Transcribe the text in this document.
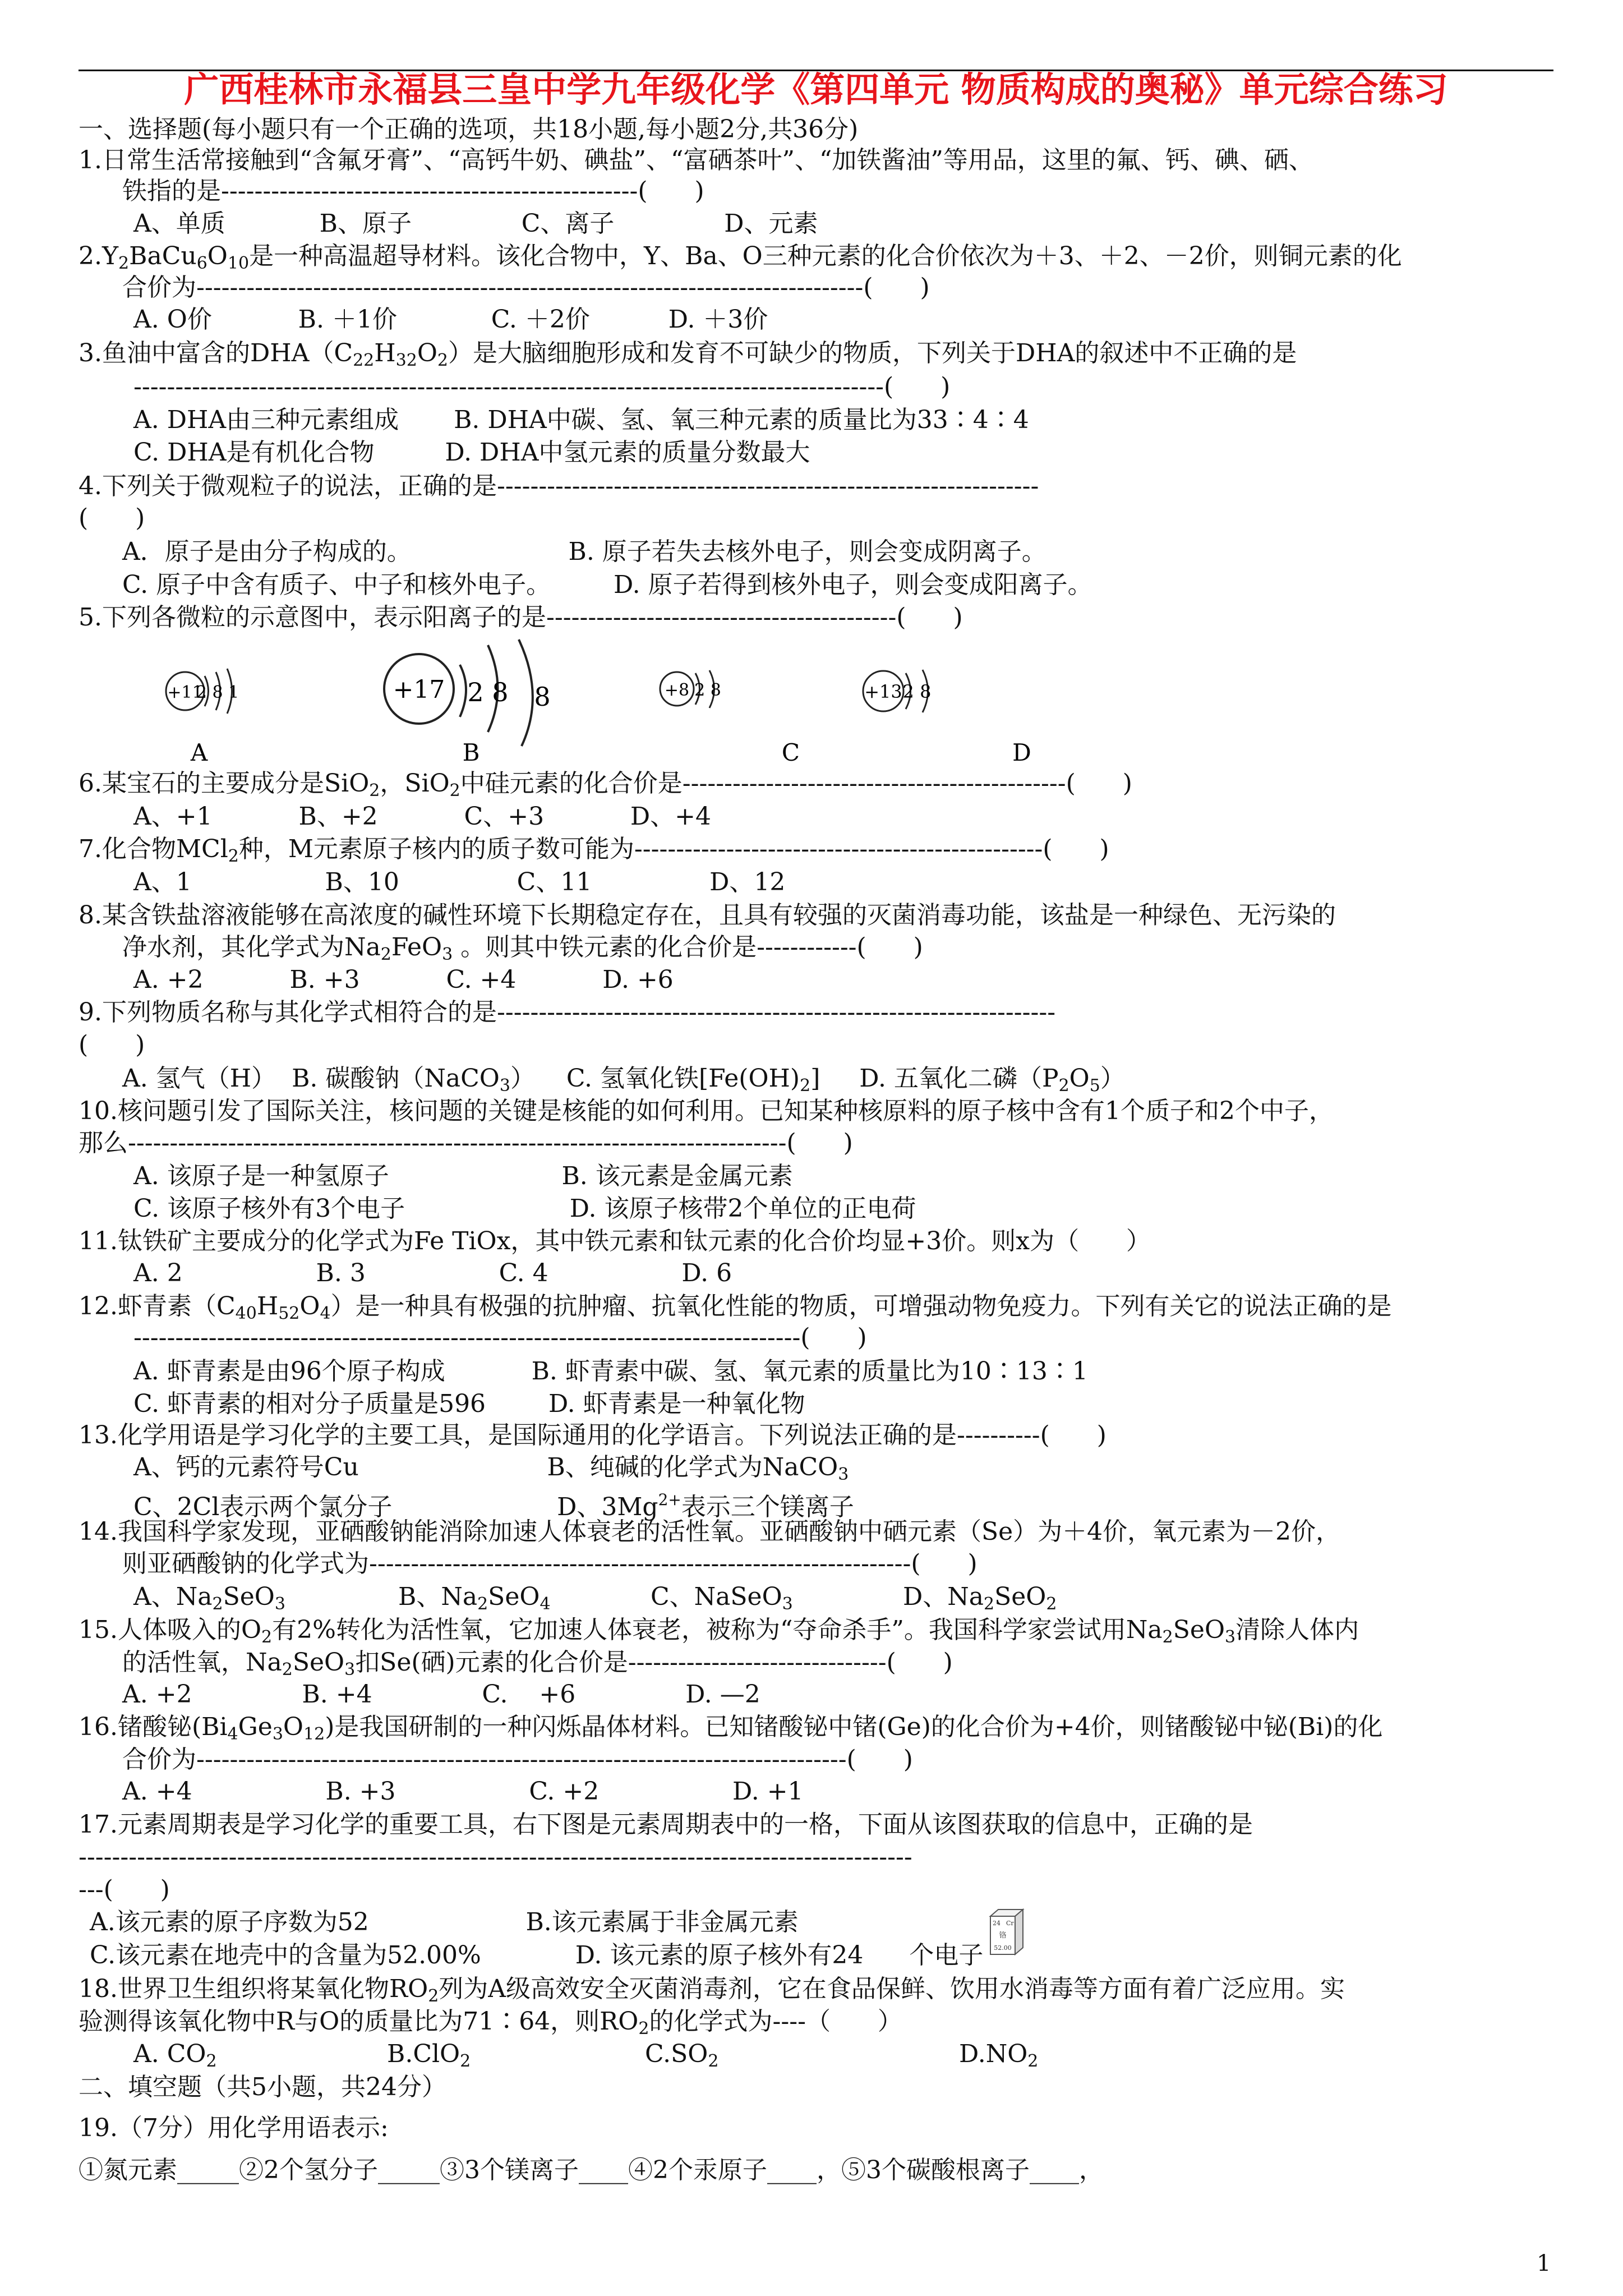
广西桂林市永福县三皇中学九年级化学《第四单元 物质构成的奥秘》单元综合练习
一、选择题(每小题只有一个正确的选项，共18小题,每小题2分,共36分)
1.日常生活常接触到“含氟牙膏”、“高钙牛奶、碘盐”、“富硒茶叶”、“加铁酱油”等用品，这里的氟、钙、碘、硒、
铁指的是--------------------------------------------------(      )
A、单质            B、原子              C、离子              D、元素
$2.Y_2BaCu_6O_{10}$是一种高温超导材料。该化合物中，Y、Ba、O三种元素的化合价依次为＋3、＋2、－2价，则铜元素的化
合价为--------------------------------------------------------------------------------(      )
A. O价           B. ＋1价            C. ＋2价          D. ＋3价
3.鱼油中富含的$DHA(C_{22}H_{32}O_2)$是大脑细胞形成和发育不可缺少的物质，下列关于DHA的叙述中不正确的是
------------------------------------------------------------------------------------------(      )
A. DHA由三种元素组成       B. DHA中碳、氢、氧三种元素的质量比为33∶4∶4
C. DHA是有机化合物         D. DHA中氢元素的质量分数最大
4.下列关于微观粒子的说法，正确的是-----------------------------------------------------------------
(      )
A．原子是由分子构成的。                    B. 原子若失去核外电子，则会变成阴离子。
C. 原子中含有质子、中子和核外电子。        D. 原子若得到核外电子，则会变成阳离子。
5.下列各微粒的示意图中，表示阳离子的是------------------------------------------(      )
+11
2 8 1
A
+17 2 8 8
B
+8 2 8
C
+13 2 8
D
6.某宝石的主要成分是SiO$_2$，SiO$_2$中硅元素的化合价是----------------------------------------------(      )
A、+1           B、+2           C、+3           D、+4
7.化合物MCl$_2$种，M元素原子核内的质子数可能为-------------------------------------------------(      )
A、1                 B、10               C、11               D、12
8.某含铁盐溶液能够在高浓度的碱性环境下长期稳定存在，且具有较强的灭菌消毒功能，该盐是一种绿色、无污染的
净水剂，其化学式为$Na_2FeO_3$ 。则其中铁元素的化合价是------------(      )
A. +2           B. +3           C. +4           D. +6
9.下列物质名称与其化学式相符合的是-------------------------------------------------------------------
(      )
A. 氢气（H）  B. 碳酸钠（NaCO$_3$）    C. 氢氧化铁$[Fe(OH)_2]$     D. 五氧化二磷$(P_2O_5)$
10.核问题引发了国际关注，核问题的关键是核能的如何利用。已知某种核原料的原子核中含有1个质子和2个中子，
那么-------------------------------------------------------------------------------(      )
A. 该原子是一种氢原子                      B. 该元素是金属元素
C. 该原子核外有3个电子                     D. 该原子核带2个单位的正电荷
11.钛铁矿主要成分的化学式为Fe TiOx，其中铁元素和钛元素的化合价均显+3价。则x为（      ）
A. 2                 B. 3                 C. 4                 D. 6
12.虾青素$(C_{40}H_{52}O_4)$是一种具有极强的抗肿瘤、抗氧化性能的物质，可增强动物免疫力。下列有关它的说法正确的是
--------------------------------------------------------------------------------(      )
A. 虾青素是由96个原子构成           B. 虾青素中碳、氢、氧元素的质量比为10∶13∶1
C. 虾青素的相对分子质量是596        D. 虾青素是一种氧化物
13.化学用语是学习化学的主要工具，是国际通用的化学语言。下列说法正确的是----------(      )
A、钙的元素符号Cu                        B、纯碱的化学式为NaCO$_3$
C、2Cl表示两个氯分子                     D、$3Mg^{2+}$表示三个镁离子
14.我国科学家发现，亚硒酸钠能消除加速人体衰老的活性氧。亚硒酸钠中硒元素（Se）为＋4价，氧元素为－2价，
则亚硒酸钠的化学式为-----------------------------------------------------------------(      )
A、$Na_2SeO_3$	B、$Na_2SeO_4$	C、NaSeO$_3$	D、$Na_2SeO_2$
15.人体吸入的$O_2$有2%转化为活性氧，它加速人体衰老，被称为“夺命杀手”。我国科学家尝试用$Na_2SeO_3$清除人体内
的活性氧，$Na_2SeO_3$扣Se(硒)元素的化合价是-------------------------------(      )
A. +2              B. +4              C.    +6              D. —2
16.锗酸铋$(Bi_4Ge_3O_{12})$是我国研制的一种闪烁晶体材料。已知锗酸铋中锗(Ge)的化合价为+4价，则锗酸铋中铋(Bi)的化
合价为------------------------------------------------------------------------------(      )
A. +4                 B. +3                 C. +2                 D. +1
17.元素周期表是学习化学的重要工具，右下图是元素周期表中的一格，下面从该图获取的信息中，正确的是
----------------------------------------------------------------------------------------------------
---(      )
A.该元素的原子序数为52                    B.该元素属于非金属元素
C.该元素在地壳中的含量为52.00%            D. 该元素的原子核外有24 个电子
24 Cr
铬
52.00
18.世界卫生组织将某氧化物$RO_2$列为A级高效安全灭菌消毒剂，它在食品保鲜、饮用水消毒等方面有着广泛应用。实
验测得该氧化物中R与O的质量比为71∶64，则$RO_2$的化学式为----（      ）
A. $CO_2$	B.ClO$_2$	$C.SO_2$	$D.NO_2$
二、填空题（共5小题，共24分）
19.（7分）用化学用语表示:
①氮元素_____②2个氢分子_____③3个镁离子____④2个汞原子____，⑤3个碳酸根离子____，
1
